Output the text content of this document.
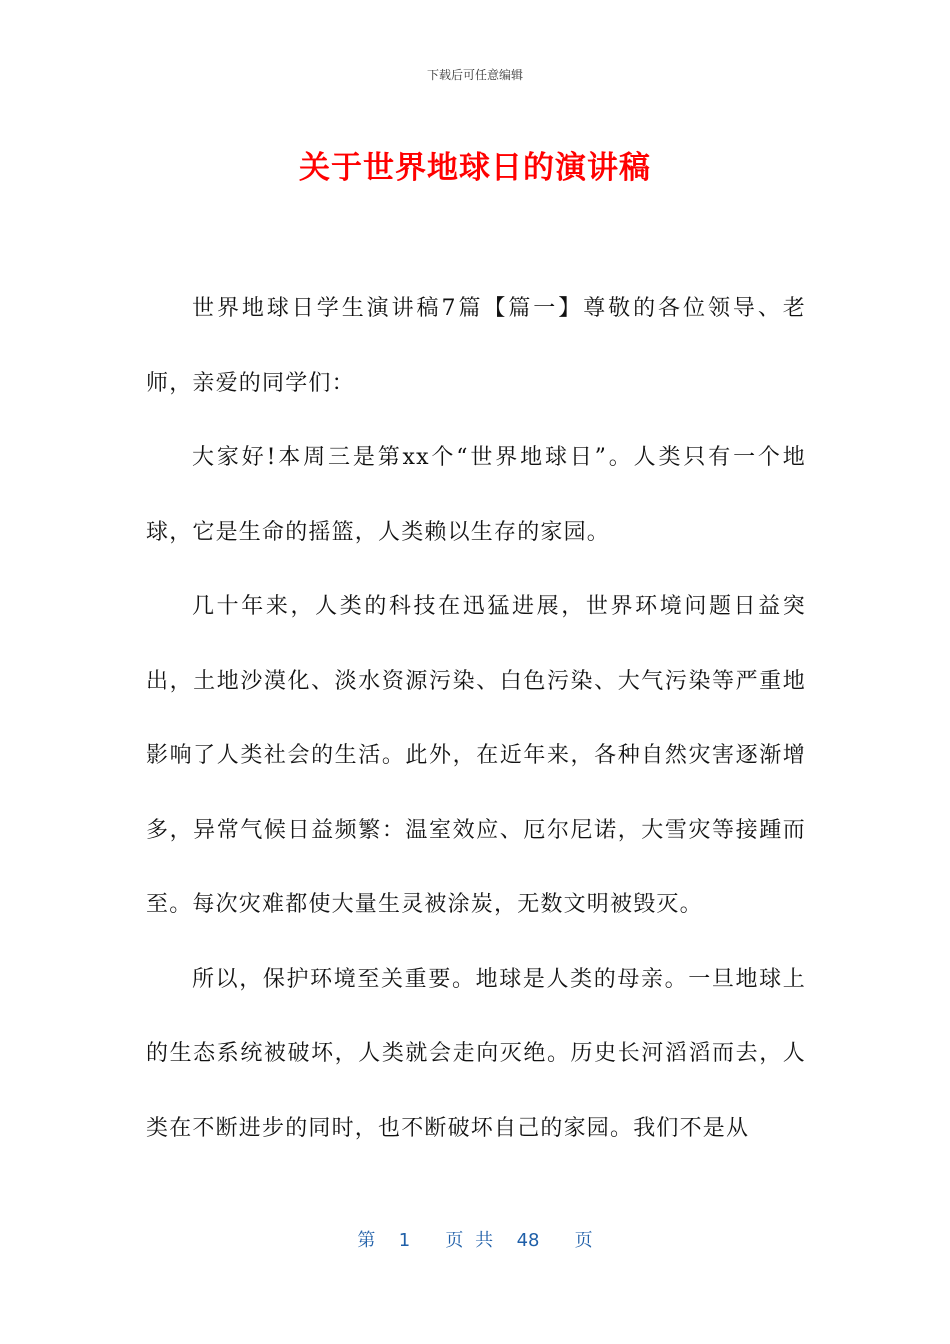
下载后可任意编辑
关于世界地球日的演讲稿

世界地球日学生演讲稿7篇【篇一】尊敬的各位领导、老师，亲爱的同学们：

大家好!本周三是第xx个“世界地球日”。人类只有一个地球，它是生命的摇篮，人类赖以生存的家园。

几十年来，人类的科技在迅猛进展，世界环境问题日益突出，土地沙漠化、淡水资源污染、白色污染、大气污染等严重地影响了人类社会的生活。此外，在近年来，各种自然灾害逐渐增多，异常气候日益频繁：温室效应、厄尔尼诺，大雪灾等接踵而至。每次灾难都使大量生灵被涂炭，无数文明被毁灭。

所以，保护环境至关重要。地球是人类的母亲。一旦地球上的生态系统被破坏，人类就会走向灭绝。历史长河滔滔而去，人类在不断进步的同时，也不断破坏自己的家园。我们不是从

第  1   页 共  48   页
